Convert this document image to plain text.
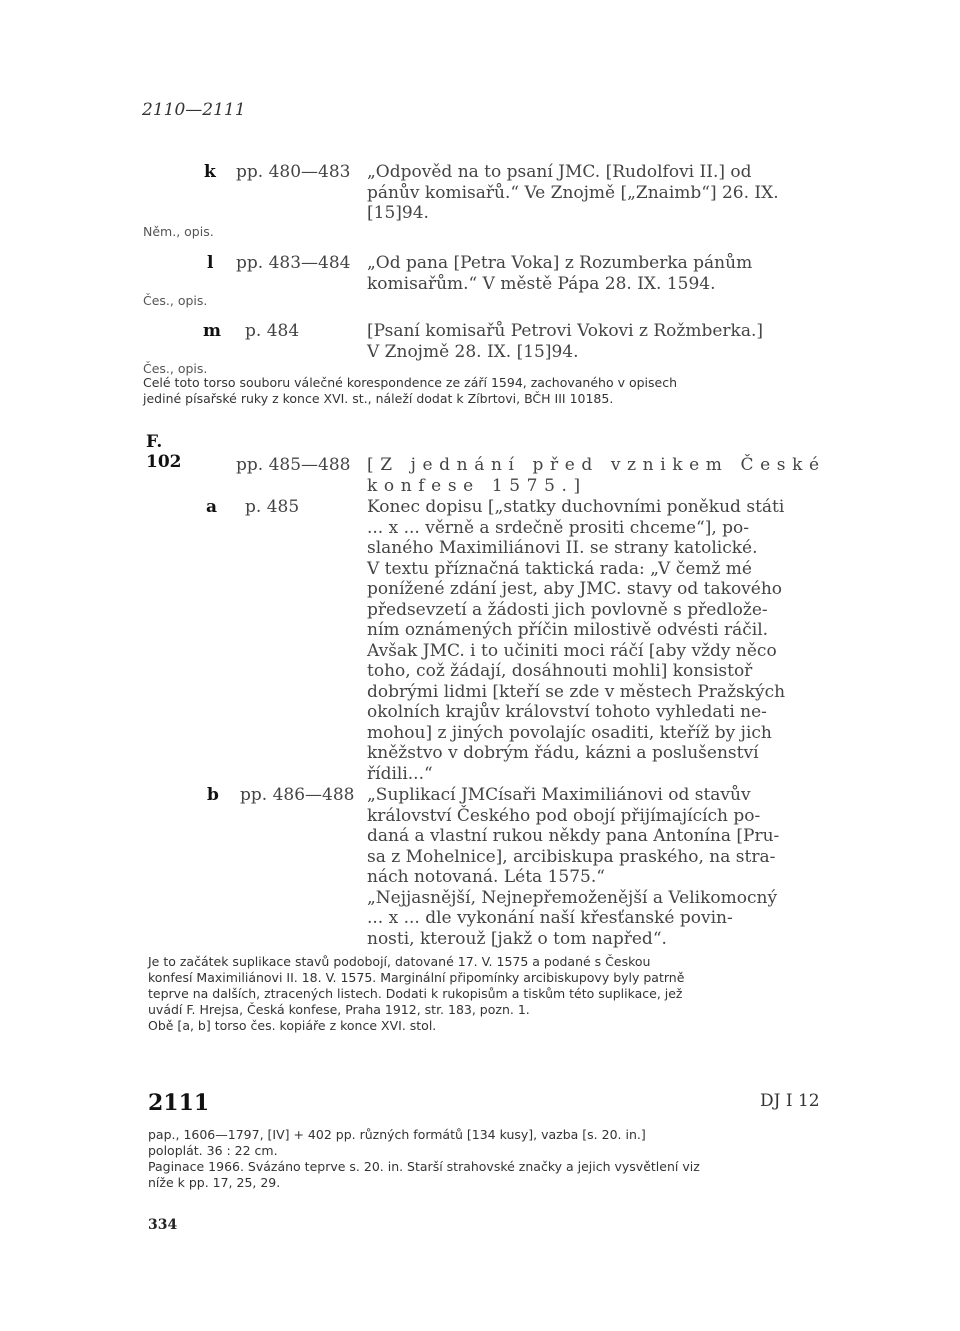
2110—2111
k pp. 480—483 „Odpověd na to psaní JMC. [Rudolfovi II.] od
pánův komisařů.“ Ve Znojmě [„Znaimb“] 26. IX.
[15]94.
Něm., opis.
l pp. 483—484 „Od pana [Petra Voka] z Rozumberka pánům
komisařům.“ V městě Pápa 28. IX. 1594.
Čes., opis.
m p. 484	[Psaní komisařů Petrovi Vokovi z Rožmberka.]
V Znojmě 28. IX. [15]94.
Čes., opis.
Celé toto torso souboru válečné korespondence ze září 1594, zachovaného v opisech
jediné písařské ruky z konce XVI. st., náleží dodat k Zíbrtovi, BČH III 10185.
F.
102	pp. 485—488 [Z jednání před vznikem České
konfese 1575.]
a p. 485	Konec dopisu [„statky duchovními poněkud státi
... x ... věrně a srdečně prositi chceme“], po-
slaného Maximiliánovi II. se strany katolické.
V textu příznačná taktická rada: „V čemž mé
ponížené zdání jest, aby JMC. stavy od takového
předsevzetí a žádosti jich povlovně s předlože-
ním oznámených příčin milostivě odvésti ráčil.
Avšak JMC. i to učiniti moci ráčí [aby vždy něco
toho, což žádají, dosáhnouti mohli] konsistoř
dobrými lidmi [kteří se zde v městech Pražských
okolních krajův království tohoto vyhledati ne-
mohou] z jiných povolajíc osaditi, kteříž by jich
kněžstvo v dobrým řádu, kázni a poslušenství
řídili...“
b pp. 486—488 „Suplikací JMCísaři Maximiliánovi od stavův
království Českého pod obojí přijímajících po-
daná a vlastní rukou někdy pana Antonína [Pru-
sa z Mohelnice], arcibiskupa praského, na stra-
nách notovaná. Léta 1575.“
„Nejjasnější, Nejnepřemoženější a Velikomocný
... x ... dle vykonání naší křesťanské povin-
nosti, kterouž [jakž o tom napřed“.
Je to začátek suplikace stavů podobojí, datované 17. V. 1575 a podané s Českou
konfesí Maximiliánovi II. 18. V. 1575. Marginální připomínky arcibiskupovy byly patrně
teprve na dalších, ztracených listech. Dodati k rukopisům a tiskům této suplikace, jež
uvádí F. Hrejsa, Česká konfese, Praha 1912, str. 183, pozn. 1.
Obě [a, b] torso čes. kopiáře z konce XVI. stol.
2111	DJ I 12
pap., 1606—1797, [IV] + 402 pp. různých formátů [134 kusy], vazba [s. 20. in.]
poloplát. 36 : 22 cm.
Paginace 1966. Svázáno teprve s. 20. in. Starší strahovské značky a jejich vysvětlení viz
níže k pp. 17, 25, 29.
334
